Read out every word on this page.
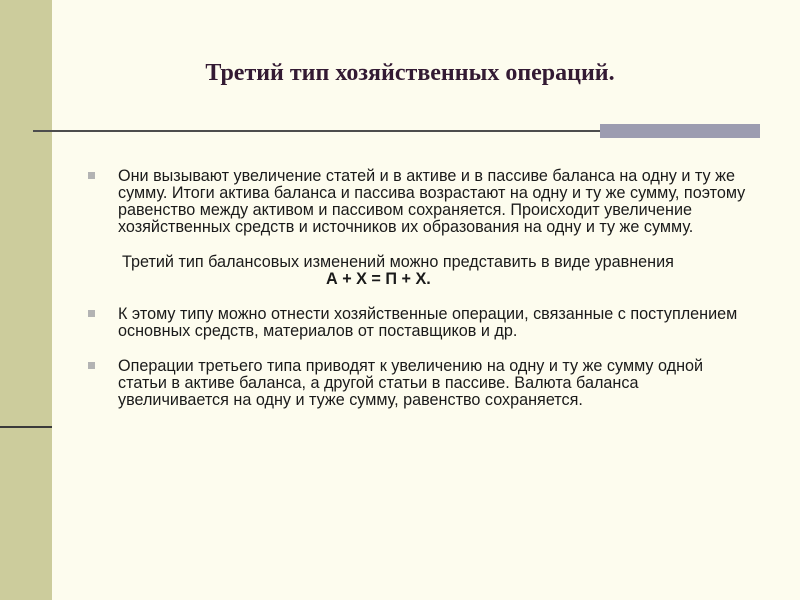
Третий тип хозяйственных операций.

Они вызывают увеличение статей и в активе и в пассиве баланса на одну и ту же сумму. Итоги актива баланса и пассива возрастают на одну и ту же сумму, поэтому равенство между активом и пассивом сохраняется. Происходит увеличение хозяйственных средств и источников их образования на одну и ту же сумму.

Третий тип балансовых изменений можно представить в виде уравнения

А + Х = П + Х.

К этому типу можно отнести хозяйственные операции, связанные с поступлением основных средств, материалов от поставщиков и др.

Операции третьего типа приводят к увеличению на одну и ту же сумму одной статьи в активе баланса, а другой статьи в пассиве. Валюта баланса увеличивается на одну и туже сумму, равенство сохраняется.
